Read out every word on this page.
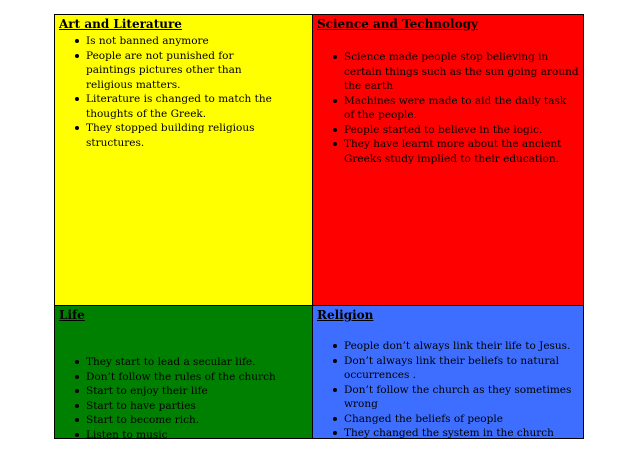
Art and Literature
Is not banned anymore
People are not punished for paintings pictures other than religious matters.
Literature is changed to match the thoughts of the Greek.
They stopped building religious structures.
Science and Technology
Science made people stop believing in certain things such as the sun going around the earth
Machines were made to aid the daily task of the people.
People started to believe in the logic.
They have learnt more about the ancient Greeks study implied to their education.
Life
They start to lead a secular life.
Don’t follow the rules of the church
Start to enjoy their life
Start to have parties
Start to become rich.
Listen to music
Religion
People don’t always link their life to Jesus.
Don’t always link their beliefs to natural occurrences .
Don’t follow the church as they sometimes wrong
Changed the beliefs of people
They changed the system in the church
